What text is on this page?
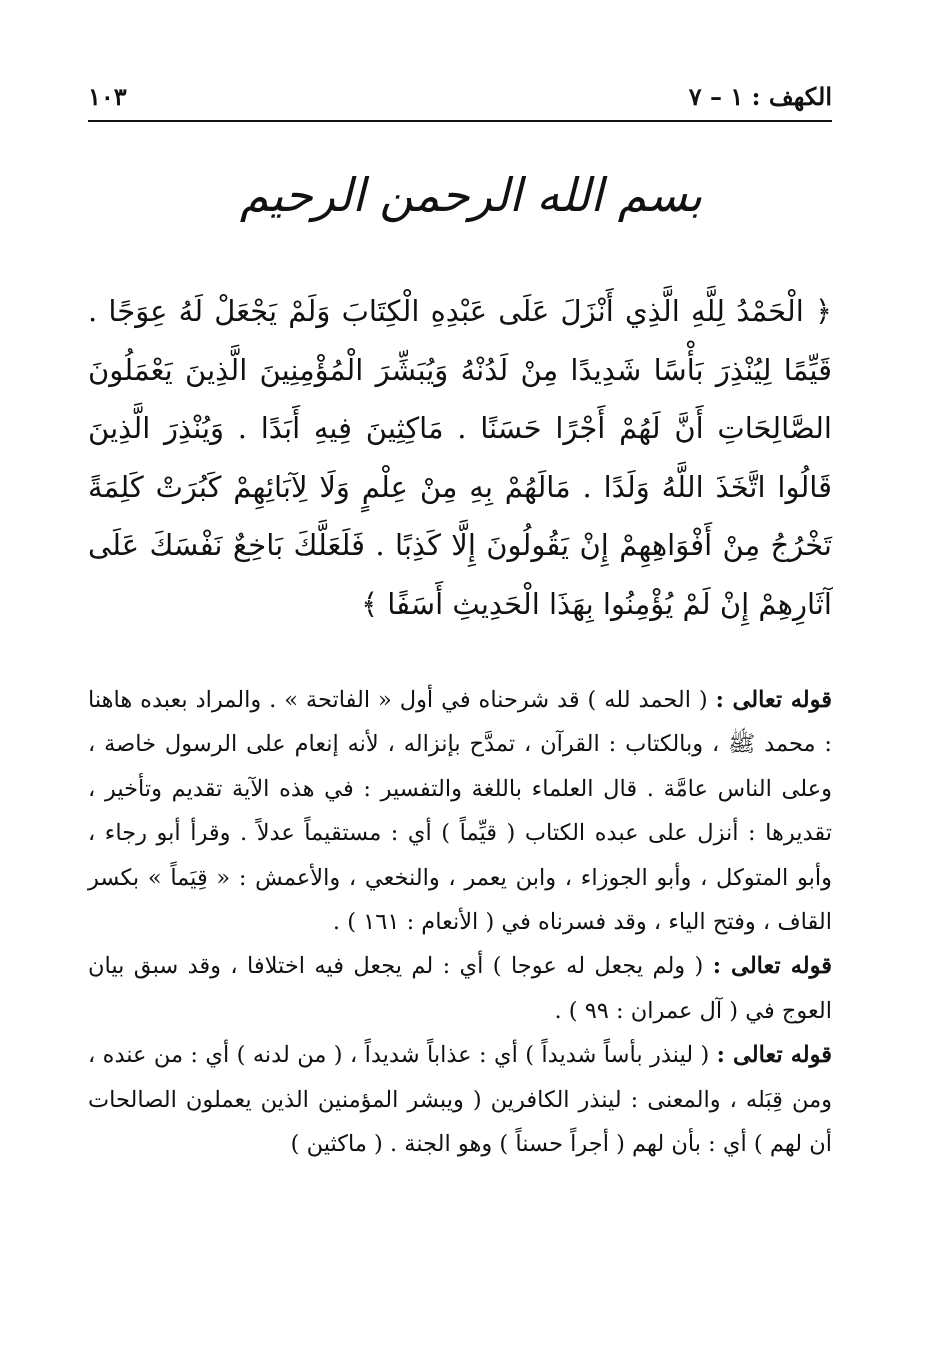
الكهف : ١ – ٧
١٠٣
بسم الله الرحمن الرحيم
﴿ الْحَمْدُ لِلَّهِ الَّذِي أَنْزَلَ عَلَى عَبْدِهِ الْكِتَابَ وَلَمْ يَجْعَلْ لَهُ عِوَجًا . قَيِّمًا لِيُنْذِرَ بَأْسًا شَدِيدًا مِنْ لَدُنْهُ وَيُبَشِّرَ الْمُؤْمِنِينَ الَّذِينَ يَعْمَلُونَ الصَّالِحَاتِ أَنَّ لَهُمْ أَجْرًا حَسَنًا . مَاكِثِينَ فِيهِ أَبَدًا . وَيُنْذِرَ الَّذِينَ قَالُوا اتَّخَذَ اللَّهُ وَلَدًا . مَالَهُمْ بِهِ مِنْ عِلْمٍ وَلَا لِآبَائِهِمْ كَبُرَتْ كَلِمَةً تَخْرُجُ مِنْ أَفْوَاهِهِمْ إِنْ يَقُولُونَ إِلَّا كَذِبًا . فَلَعَلَّكَ بَاخِعٌ نَفْسَكَ عَلَى آثَارِهِمْ إِنْ لَمْ يُؤْمِنُوا بِهَذَا الْحَدِيثِ أَسَفًا ﴾

قوله تعالى : ( الحمد لله ) قد شرحناه في أول « الفاتحة » . والمراد بعبده هاهنا : محمد ﷺ ، وبالكتاب : القرآن ، تمدَّح بإنزاله ، لأنه إنعام على الرسول خاصة ، وعلى الناس عامَّة . قال العلماء باللغة والتفسير : في هذه الآية تقديم وتأخير ، تقديرها : أنزل على عبده الكتاب ( قيِّماً ) أي : مستقيماً عدلاً . وقرأ أبو رجاء ، وأبو المتوكل ، وأبو الجوزاء ، وابن يعمر ، والنخعي ، والأعمش : « قِيَماً » بكسر القاف ، وفتح الياء ، وقد فسرناه في ( الأنعام : ١٦١ ) .

قوله تعالى : ( ولم يجعل له عوجا ) أي : لم يجعل فيه اختلافا ، وقد سبق بيان العوج في ( آل عمران : ٩٩ ) .

قوله تعالى : ( لينذر بأساً شديداً ) أي : عذاباً شديداً ، ( من لدنه ) أي : من عنده ، ومن قِبَله ، والمعنى : لينذر الكافرين ( ويبشر المؤمنين الذين يعملون الصالحات أن لهم ) أي : بأن لهم ( أجراً حسناً ) وهو الجنة . ( ماكثين )
